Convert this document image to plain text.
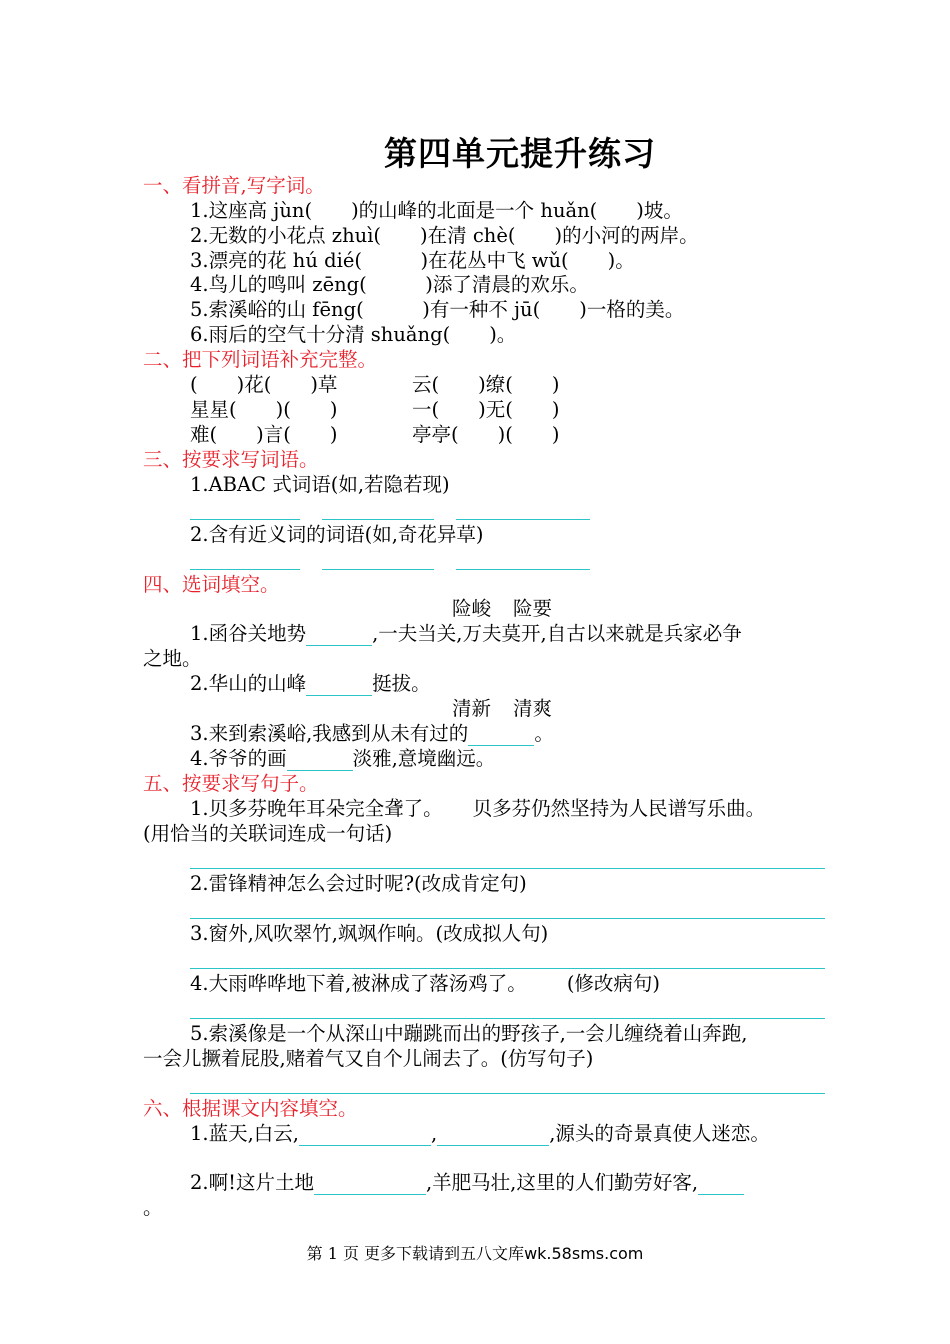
第四单元提升练习
一、看拼音,写字词。
1.这座高 jùn(　　)的山峰的北面是一个 huǎn(　　)坡。
2.无数的小花点 zhuì(　　)在清 chè(　　)的小河的两岸。
3.漂亮的花 hú dié(　　　)在花丛中飞 wǔ(　　)。
4.鸟儿的鸣叫 zēng(　　　)添了清晨的欢乐。
5.索溪峪的山 fēng(　　　)有一种不 jū(　　)一格的美。
6.雨后的空气十分清 shuǎng(　　)。
二、把下列词语补充完整。
(　　)花(　　)草	云(　　)缭(　　)
星星(　　)(　　)	一(　　)无(　　)
难(　　)言(　　)	亭亭(　　)(　　)
三、按要求写词语。
1.ABAC 式词语(如,若隐若现)
2.含有近义词的词语(如,奇花异草)
四、选词填空。
险峻 险要
1.函谷关地势	,一夫当关,万夫莫开,自古以来就是兵家必争
之地。
2.华山的山峰	挺拔。
清新 清爽
3.来到索溪峪,我感到从未有过的	。
4.爷爷的画	淡雅,意境幽远。
五、按要求写句子。
1.贝多芬晚年耳朵完全聋了。 贝多芬仍然坚持为人民谱写乐曲。
(用恰当的关联词连成一句话)
2.雷锋精神怎么会过时呢?(改成肯定句)
3.窗外,风吹翠竹,飒飒作响。(改成拟人句)
4.大雨哗哗地下着,被淋成了落汤鸡了。 (修改病句)
5.索溪像是一个从深山中蹦跳而出的野孩子,一会儿缠绕着山奔跑,
一会儿撅着屁股,赌着气又自个儿闹去了。(仿写句子)
六、根据课文内容填空。
1.蓝天,白云,	,	,源头的奇景真使人迷恋。
2.啊!这片土地	,羊肥马壮,这里的人们勤劳好客,
。
第 1 页 更多下载请到五八文库wk.58sms.com
